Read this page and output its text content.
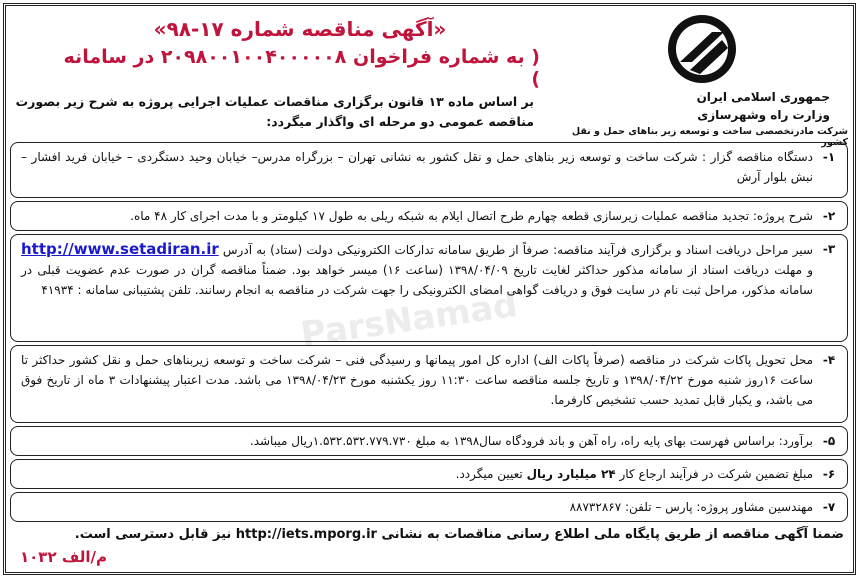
ParsNamad
«آگهی مناقصه شماره ۱۷-۹۸»
( به شماره فراخوان ۲۰۹۸۰۰۱۰۰۴۰۰۰۰۰۸ در سامانه )
بر اساس ماده ۱۳ قانون برگزاری مناقصات عملیات اجرایی پروژه به شرح زیر بصورت مناقصه عمومی دو مرحله ای واگذار میگردد:
جمهوری اسلامی ایران
وزارت راه وشهرسازی
شرکت مادرتخصصی ساخت و توسعه زیر بناهای حمل و نقل کشور
۱-
دستگاه مناقصه گزار : شرکت ساخت و توسعه زیر بناهای حمل و نقل کشور به نشانی تهران – بزرگراه مدرس– خیابان وحید دستگردی – خیابان فرید افشار – نبش بلوار آرش
۲-
شرح پروژه: تجدید مناقصه عملیات زیرسازی قطعه چهارم طرح اتصال ایلام به شبکه ریلی به طول ۱۷ کیلومتر و با مدت اجرای کار ۴۸ ماه.
۳-
سیر مراحل دریافت اسناد و برگزاری فرآیند مناقصه: صرفاً از طریق سامانه تدارکات الکترونیکی دولت (ستاد) به آدرس http://www.setadiran.ir و مهلت دریافت اسناد از سامانه مذکور حداکثر لغایت تاریخ ۱۳۹۸/۰۴/۰۹ (ساعت ۱۶) میسر خواهد بود. ضمناً مناقصه گران در صورت عدم عضویت قبلی در سامانه مذکور، مراحل ثبت نام در سایت فوق و دریافت گواهی امضای الکترونیکی را جهت شرکت در مناقصه به انجام رسانند. تلفن پشتیبانی سامانه : ۴۱۹۳۴
۴-
محل تحویل پاکات شرکت در مناقصه (صرفاً پاکات الف) اداره کل امور پیمانها و رسیدگی فنی – شرکت ساخت و توسعه زیربناهای حمل و نقل کشور حداکثر تا ساعت ۱۶روز شنبه مورخ ۱۳۹۸/۰۴/۲۲ و تاریخ جلسه مناقصه ساعت ۱۱:۳۰ روز یکشنبه مورخ ۱۳۹۸/۰۴/۲۳ می باشد. مدت اعتبار پیشنهادات ۳ ماه از تاریخ فوق می باشد، و یکبار قابل تمدید حسب تشخیص کارفرما.
۵-
برآورد: براساس فهرست بهای پایه راه، راه آهن و باند فرودگاه سال۱۳۹۸ به مبلغ ۱.۵۳۲.۵۳۲.۷۷۹.۷۳۰ریال میباشد.
۶-
مبلغ تضمین شرکت در فرآیند ارجاع کار ۲۴ میلیارد ریال تعیین میگردد.
۷-
مهندسین مشاور پروژه: پارس – تلفن: ۸۸۷۳۲۸۶۷
ضمنا آگهی مناقصه از طریق پایگاه ملی اطلاع رسانی مناقصات به نشانی http://iets.mporg.ir نیز قابل دسترسی است.
م/الف ۱۰۳۲
